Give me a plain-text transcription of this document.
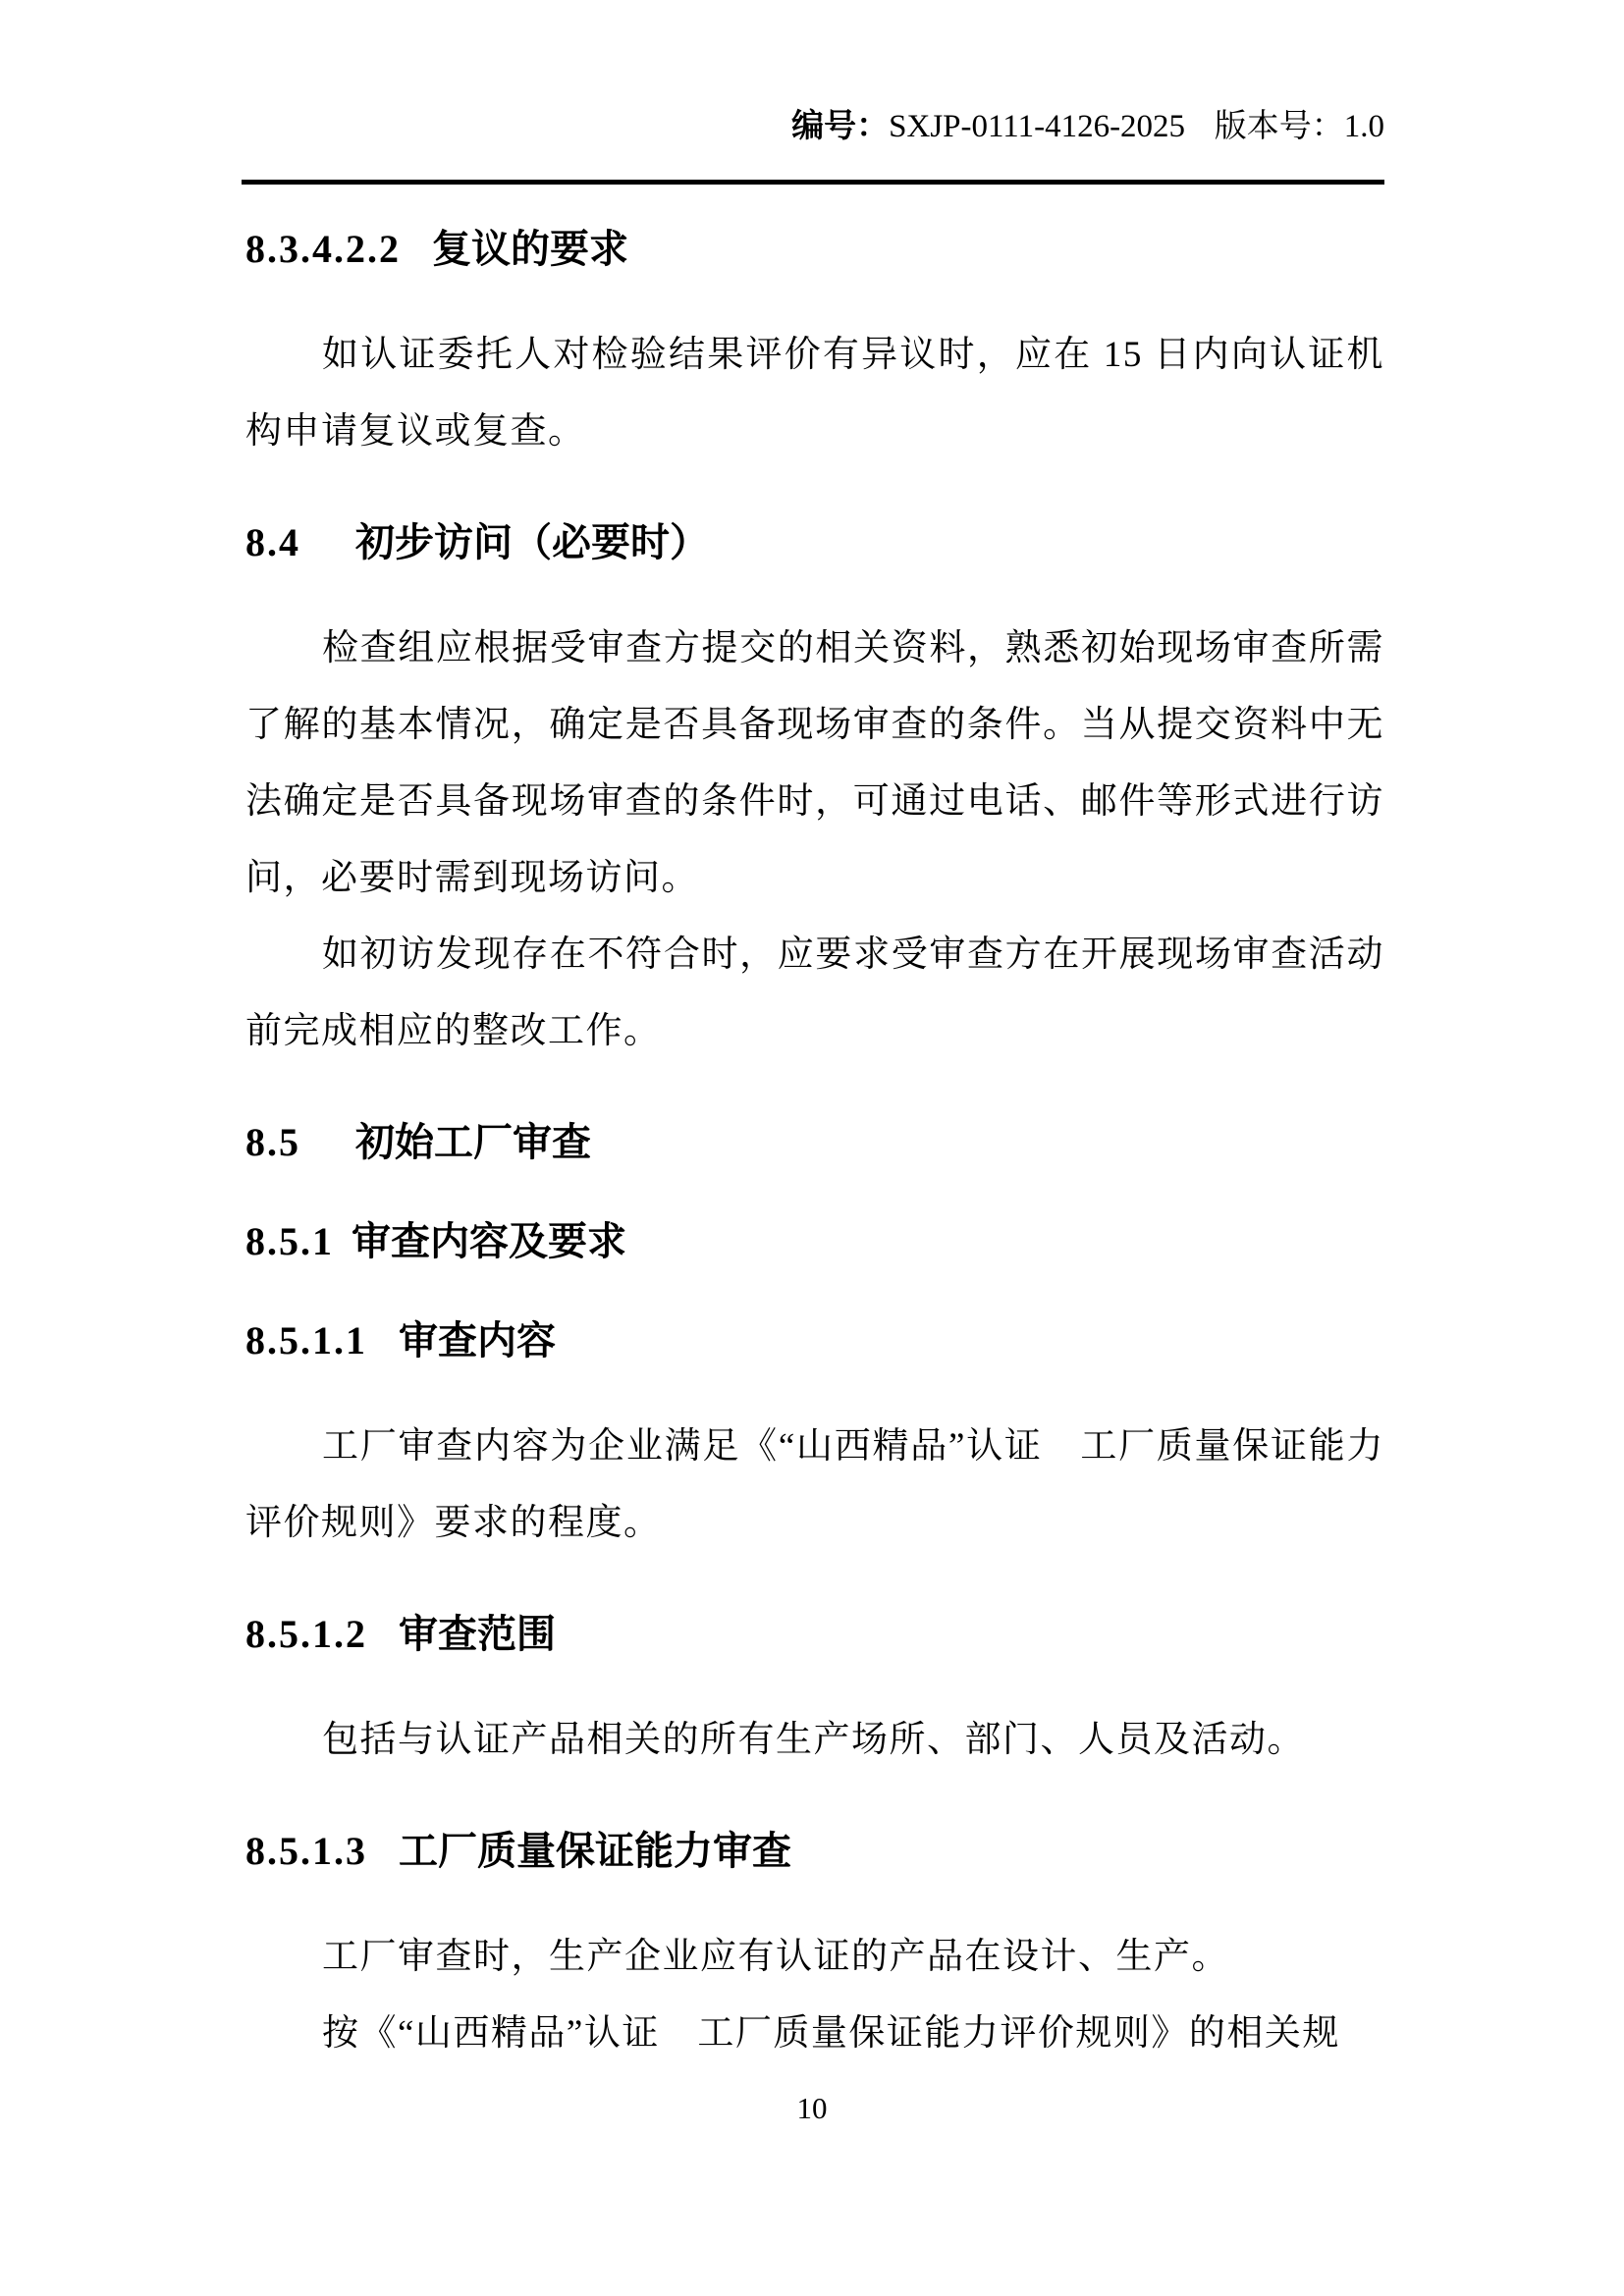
编号：SXJP-0111-4126-2025 版本号：1.0
8.3.4.2.2 复议的要求

如认证委托人对检验结果评价有异议时，应在 15 日内向认证机构申请复议或复查。

8.4 初步访问（必要时）

检查组应根据受审查方提交的相关资料，熟悉初始现场审查所需了解的基本情况，确定是否具备现场审查的条件。当从提交资料中无法确定是否具备现场审查的条件时，可通过电话、邮件等形式进行访问，必要时需到现场访问。

如初访发现存在不符合时，应要求受审查方在开展现场审查活动前完成相应的整改工作。

8.5 初始工厂审查
8.5.1 审查内容及要求
8.5.1.1 审查内容

工厂审查内容为企业满足《“山西精品”认证　工厂质量保证能力评价规则》要求的程度。

8.5.1.2 审查范围

包括与认证产品相关的所有生产场所、部门、人员及活动。

8.5.1.3 工厂质量保证能力审查

工厂审查时，生产企业应有认证的产品在设计、生产。

按《“山西精品”认证　工厂质量保证能力评价规则》的相关规

10
